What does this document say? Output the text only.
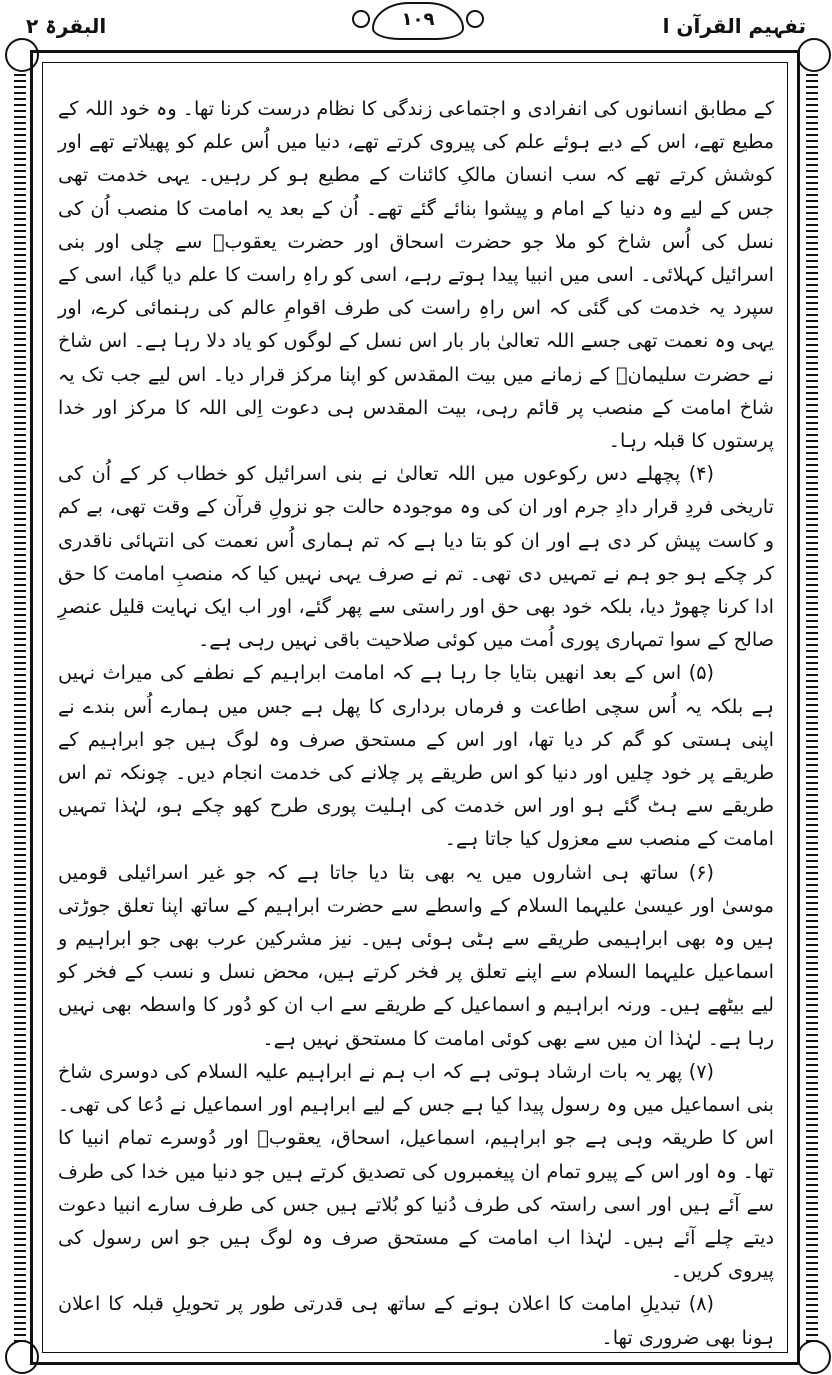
تفہیم القرآن ا
۱۰۹
البقرۃ ۲

کے مطابق انسانوں کی انفرادی و اجتماعی زندگی کا نظام درست کرنا تھا۔ وہ خود اللہ کے مطیع تھے، اس کے دیے ہوئے علم کی پیروی کرتے تھے، دنیا میں اُس علم کو پھیلاتے تھے اور کوشش کرتے تھے کہ سب انسان مالکِ کائنات کے مطیع ہو کر رہیں۔ یہی خدمت تھی جس کے لیے وہ دنیا کے امام و پیشوا بنائے گئے تھے۔ اُن کے بعد یہ امامت کا منصب اُن کی نسل کی اُس شاخ کو ملا جو حضرت اسحاق اور حضرت یعقوبؑ سے چلی اور بنی اسرائیل کہلائی۔ اسی میں انبیا پیدا ہوتے رہے، اسی کو راہِ راست کا علم دیا گیا، اسی کے سپرد یہ خدمت کی گئی کہ اس راہِ راست کی طرف اقوامِ عالم کی رہنمائی کرے، اور یہی وہ نعمت تھی جسے اللہ تعالیٰ بار بار اس نسل کے لوگوں کو یاد دلا رہا ہے۔ اس شاخ نے حضرت سلیمانؑ کے زمانے میں بیت المقدس کو اپنا مرکز قرار دیا۔ اس لیے جب تک یہ شاخ امامت کے منصب پر قائم رہی، بیت المقدس ہی دعوت اِلی اللہ کا مرکز اور خدا پرستوں کا قبلہ رہا۔

(۴) پچھلے دس رکوعوں میں اللہ تعالیٰ نے بنی اسرائیل کو خطاب کر کے اُن کی تاریخی فردِ قرار دادِ جرم اور ان کی وہ موجودہ حالت جو نزولِ قرآن کے وقت تھی، بے کم و کاست پیش کر دی ہے اور ان کو بتا دیا ہے کہ تم ہماری اُس نعمت کی انتہائی ناقدری کر چکے ہو جو ہم نے تمہیں دی تھی۔ تم نے صرف یہی نہیں کیا کہ منصبِ امامت کا حق ادا کرنا چھوڑ دیا، بلکہ خود بھی حق اور راستی سے پھر گئے، اور اب ایک نہایت قلیل عنصرِ صالح کے سوا تمہاری پوری اُمت میں کوئی صلاحیت باقی نہیں رہی ہے۔

(۵) اس کے بعد انھیں بتایا جا رہا ہے کہ امامت ابراہیم کے نطفے کی میراث نہیں ہے بلکہ یہ اُس سچی اطاعت و فرماں برداری کا پھل ہے جس میں ہمارے اُس بندے نے اپنی ہستی کو گم کر دیا تھا، اور اس کے مستحق صرف وہ لوگ ہیں جو ابراہیم کے طریقے پر خود چلیں اور دنیا کو اس طریقے پر چلانے کی خدمت انجام دیں۔ چونکہ تم اس طریقے سے ہٹ گئے ہو اور اس خدمت کی اہلیت پوری طرح کھو چکے ہو، لہٰذا تمہیں امامت کے منصب سے معزول کیا جاتا ہے۔

(۶) ساتھ ہی اشاروں میں یہ بھی بتا دیا جاتا ہے کہ جو غیر اسرائیلی قومیں موسیٰ اور عیسیٰ علیہما السلام کے واسطے سے حضرت ابراہیم کے ساتھ اپنا تعلق جوڑتی ہیں وہ بھی ابراہیمی طریقے سے ہٹی ہوئی ہیں۔ نیز مشرکین عرب بھی جو ابراہیم و اسماعیل علیہما السلام سے اپنے تعلق پر فخر کرتے ہیں، محض نسل و نسب کے فخر کو لیے بیٹھے ہیں۔ ورنہ ابراہیم و اسماعیل کے طریقے سے اب ان کو دُور کا واسطہ بھی نہیں رہا ہے۔ لہٰذا ان میں سے بھی کوئی امامت کا مستحق نہیں ہے۔

(۷) پھر یہ بات ارشاد ہوتی ہے کہ اب ہم نے ابراہیم علیہ السلام کی دوسری شاخ بنی اسماعیل میں وہ رسول پیدا کیا ہے جس کے لیے ابراہیم اور اسماعیل نے دُعا کی تھی۔ اس کا طریقہ وہی ہے جو ابراہیم، اسماعیل، اسحاق، یعقوبؑ اور دُوسرے تمام انبیا کا تھا۔ وہ اور اس کے پیرو تمام ان پیغمبروں کی تصدیق کرتے ہیں جو دنیا میں خدا کی طرف سے آئے ہیں اور اسی راستہ کی طرف دُنیا کو بُلاتے ہیں جس کی طرف سارے انبیا دعوت دیتے چلے آئے ہیں۔ لہٰذا اب امامت کے مستحق صرف وہ لوگ ہیں جو اس رسول کی پیروی کریں۔

(۸) تبدیلِ امامت کا اعلان ہونے کے ساتھ ہی قدرتی طور پر تحویلِ قبلہ کا اعلان ہونا بھی ضروری تھا۔
